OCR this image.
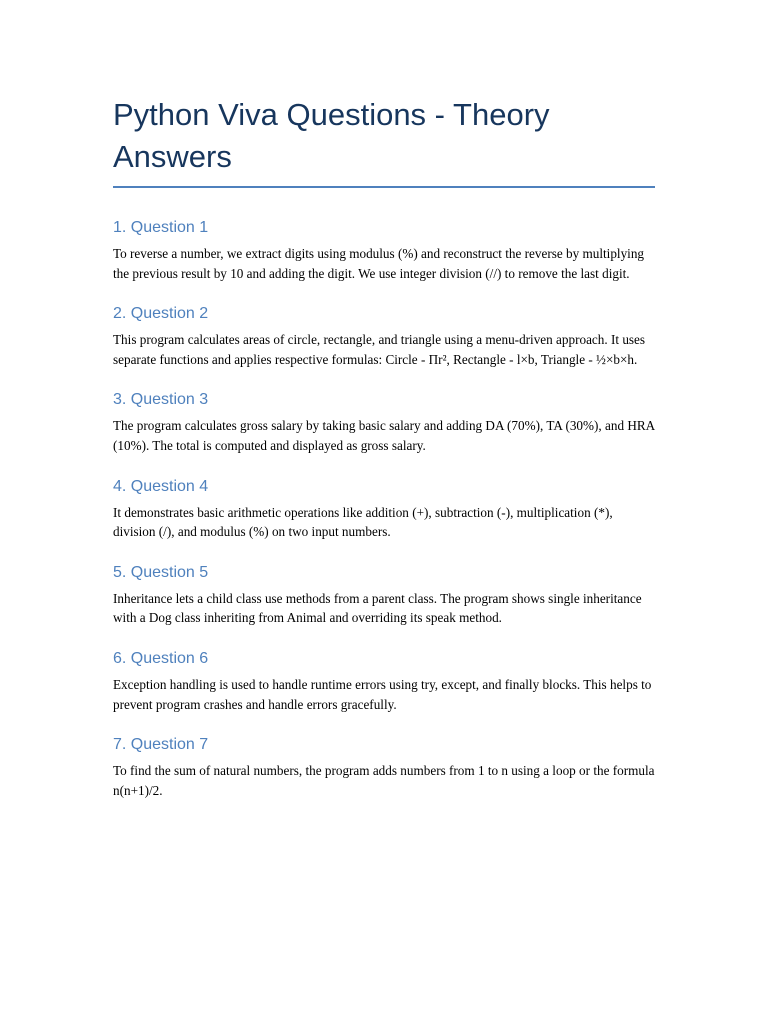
Python Viva Questions - Theory Answers
1. Question 1

To reverse a number, we extract digits using modulus (%) and reconstruct the reverse by multiplying the previous result by 10 and adding the digit. We use integer division (//) to remove the last digit.

2. Question 2

This program calculates areas of circle, rectangle, and triangle using a menu-driven approach. It uses separate functions and applies respective formulas: Circle - Πr², Rectangle - l×b, Triangle - ½×b×h.

3. Question 3

The program calculates gross salary by taking basic salary and adding DA (70%), TA (30%), and HRA (10%). The total is computed and displayed as gross salary.

4. Question 4

It demonstrates basic arithmetic operations like addition (+), subtraction (-), multiplication (*), division (/), and modulus (%) on two input numbers.

5. Question 5

Inheritance lets a child class use methods from a parent class. The program shows single inheritance with a Dog class inheriting from Animal and overriding its speak method.

6. Question 6

Exception handling is used to handle runtime errors using try, except, and finally blocks. This helps to prevent program crashes and handle errors gracefully.

7. Question 7

To find the sum of natural numbers, the program adds numbers from 1 to n using a loop or the formula n(n+1)/2.
